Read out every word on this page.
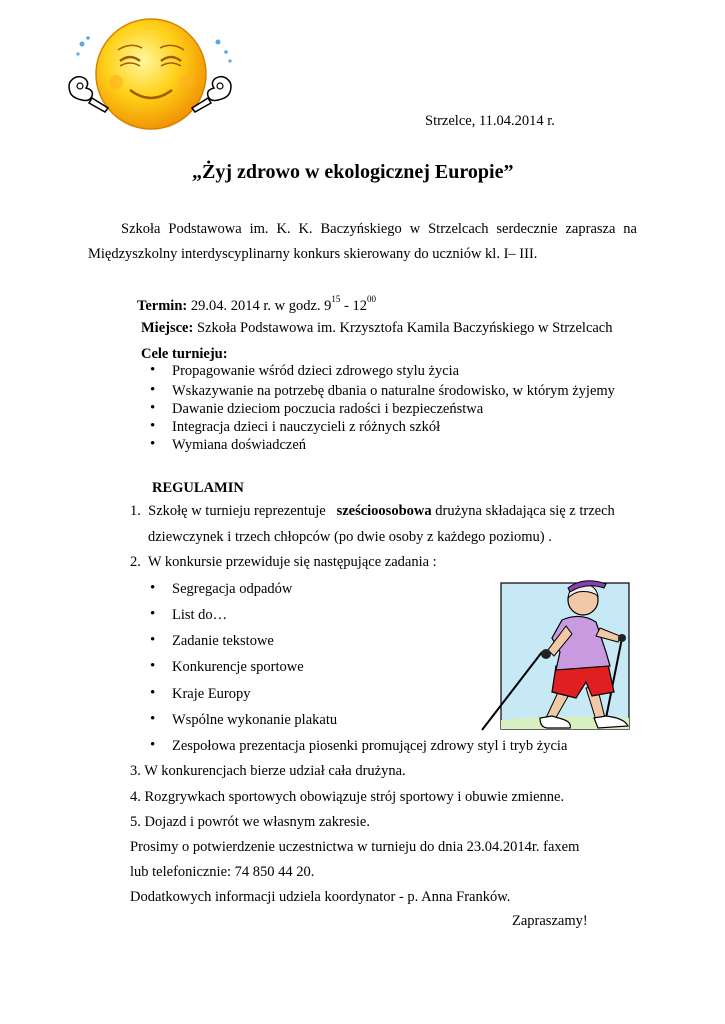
Strzelce, 11.04.2014 r.
„Żyj zdrowo w ekologicznej Europie”
Szkoła Podstawowa im. K. K. Baczyńskiego w Strzelcach serdecznie zaprasza na
Międzyszkolny interdyscyplinarny konkurs skierowany do uczniów kl. I– III.
Termin: 29.04. 2014 r. w godz. $9^{15} - 12^{00}$
Miejsce: Szkoła Podstawowa im. Krzysztofa Kamila Baczyńskiego w Strzelcach
Cele turnieju:
Propagowanie wśród dzieci zdrowego stylu życia
Wskazywanie na potrzebę dbania o naturalne środowisko, w którym żyjemy
Dawanie dzieciom poczucia radości i bezpieczeństwa
Integracja dzieci i nauczycieli z różnych szkół
Wymiana doświadczeń
REGULAMIN
1. Szkołę w turnieju reprezentuje sześcioosobowa drużyna składająca się z trzech
dziewczynek i trzech chłopców (po dwie osoby z każdego poziomu) .
2. W konkursie przewiduje się następujące zadania :
Segregacja odpadów
List do…
Zadanie tekstowe
Konkurencje sportowe
Kraje Europy
Wspólne wykonanie plakatu
Zespołowa prezentacja piosenki promującej zdrowy styl i tryb życia
3. W konkurencjach bierze udział cała drużyna.
4. Rozgrywkach sportowych obowiązuje strój sportowy i obuwie zmienne.
5. Dojazd i powrót we własnym zakresie.
Prosimy o potwierdzenie uczestnictwa w turnieju do dnia 23.04.2014r. faxem
lub telefonicznie: 74 850 44 20.
Dodatkowych informacji udziela koordynator - p. Anna Franków.
Zapraszamy!
